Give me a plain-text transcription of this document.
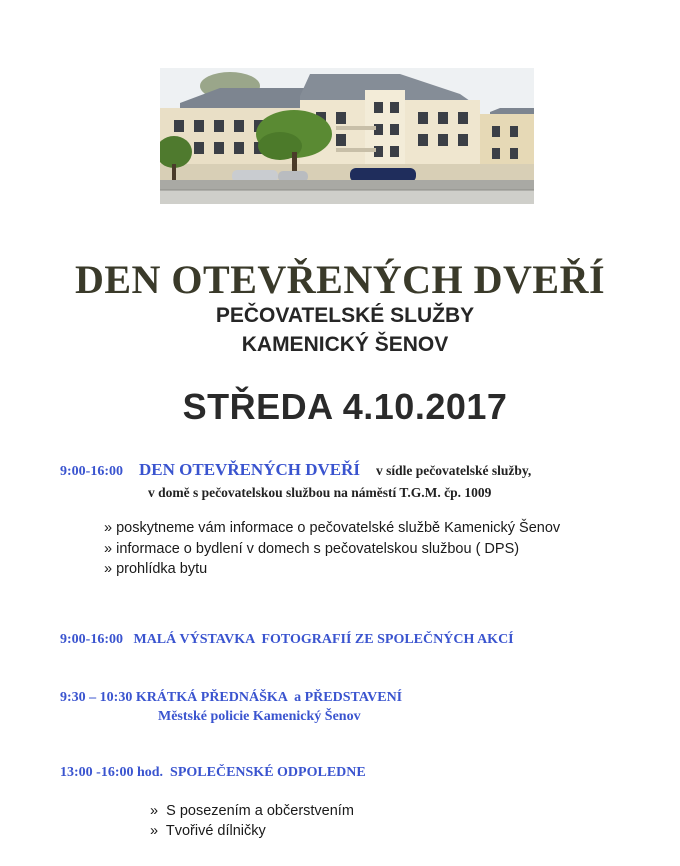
DEN OTEVŘENÝCH DVEŘÍ
PEČOVATELSKÉ SLUŽBY
KAMENICKÝ ŠENOV
STŘEDA 4.10.2017
9:00-16:00 DEN OTEVŘENÝCH DVEŘÍ v sídle pečovatelské služby,
v domě s pečovatelskou službou na náměstí T.G.M. čp. 1009
» poskytneme vám informace o pečovatelské službě Kamenický Šenov
» informace o bydlení v domech s pečovatelskou službou ( DPS)
» prohlídka bytu
9:00-16:00   MALÁ VÝSTAVKA  FOTOGRAFIÍ ZE SPOLEČNÝCH AKCÍ
9:30 – 10:30 KRÁTKÁ PŘEDNÁŠKA  a PŘEDSTAVENÍ
Městské policie Kamenický Šenov
13:00 -16:00 hod.  SPOLEČENSKÉ ODPOLEDNE
»  S posezením a občerstvením
»  Tvořivé dílničky
